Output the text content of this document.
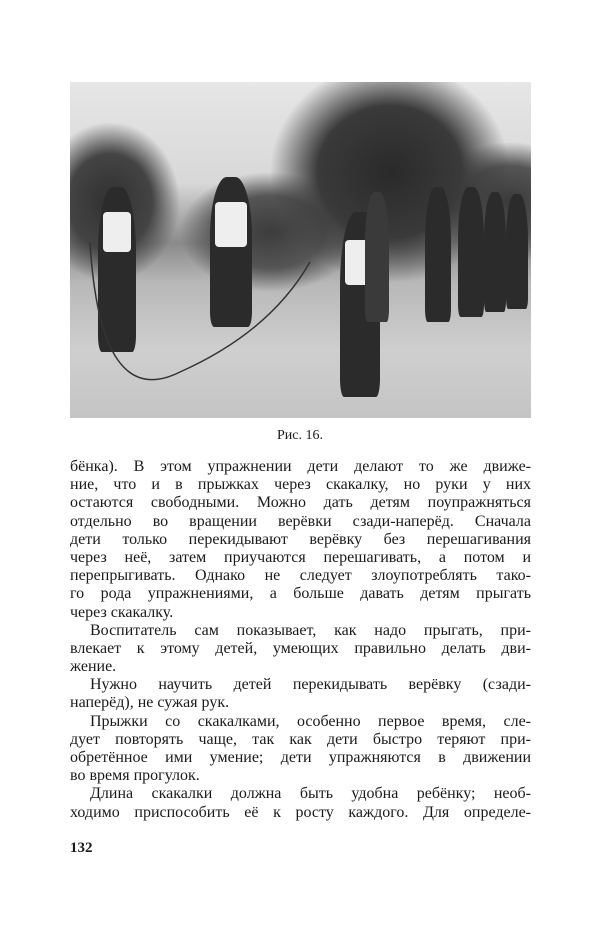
Рис. 16.
бёнка). В этом упражнении дети делают то же движе-
ние, что и в прыжках через скакалку, но руки у них
остаются свободными. Можно дать детям поупражняться
отдельно во вращении верёвки сзади-наперёд. Сначала
дети только перекидывают верёвку без перешагивания
через неё, затем приучаются перешагивать, а потом и
перепрыгивать. Однако не следует злоупотреблять тако-
го рода упражнениями, а больше давать детям прыгать
через скакалку.
Воспитатель сам показывает, как надо прыгать, при-
влекает к этому детей, умеющих правильно делать дви-
жение.
Нужно научить детей перекидывать верёвку (сзади-
наперёд), не сужая рук.
Прыжки со скакалками, особенно первое время, сле-
дует повторять чаще, так как дети быстро теряют при-
обретённое ими умение; дети упражняются в движении
во время прогулок.
Длина скакалки должна быть удобна ребёнку; необ-
ходимо приспособить её к росту каждого. Для определе-
132
